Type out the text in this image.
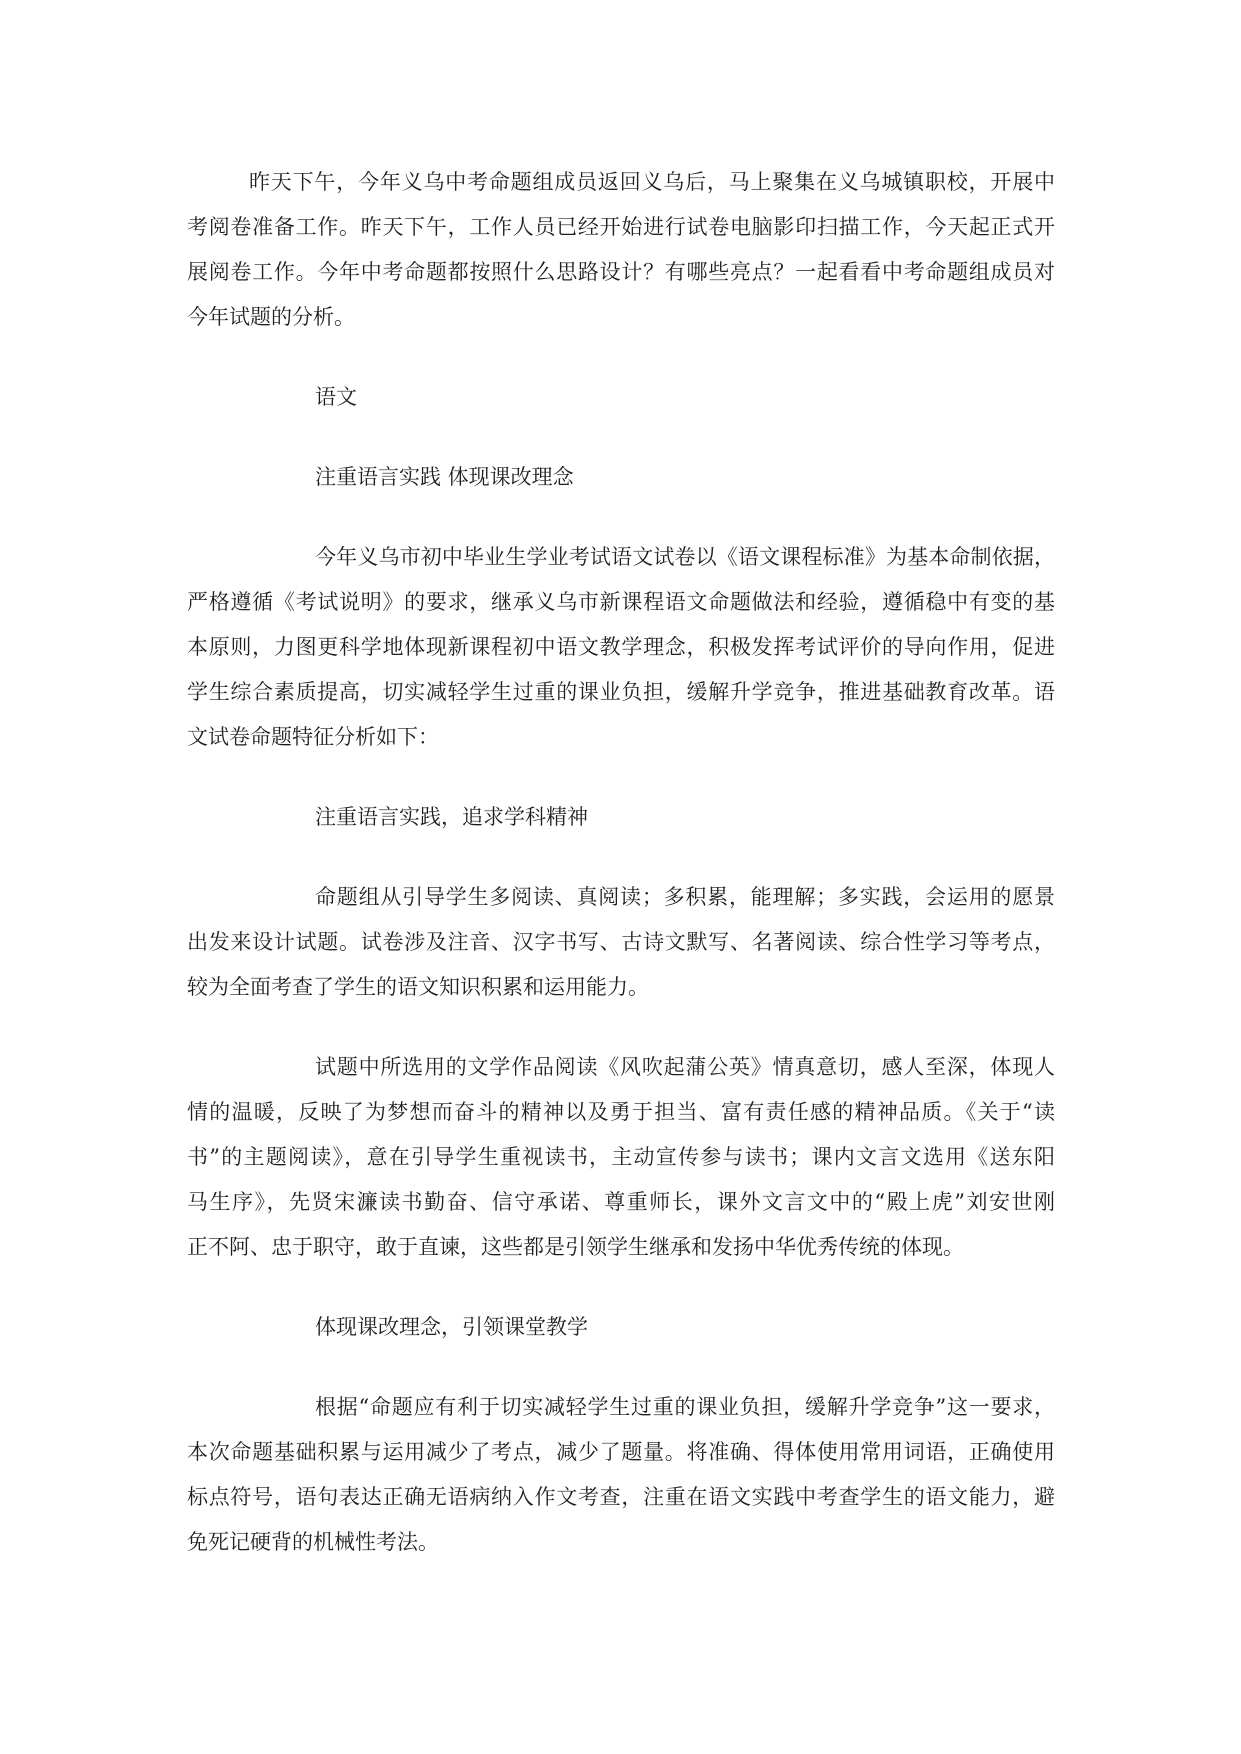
昨天下午，今年义乌中考命题组成员返回义乌后，马上聚集在义乌城镇职校，开展中
考阅卷准备工作。昨天下午，工作人员已经开始进行试卷电脑影印扫描工作，今天起正式开
展阅卷工作。今年中考命题都按照什么思路设计？有哪些亮点？一起看看中考命题组成员对
今年试题的分析。
语文
注重语言实践 体现课改理念
今年义乌市初中毕业生学业考试语文试卷以《语文课程标准》为基本命制依据，
严格遵循《考试说明》的要求，继承义乌市新课程语文命题做法和经验，遵循稳中有变的基
本原则，力图更科学地体现新课程初中语文教学理念，积极发挥考试评价的导向作用，促进
学生综合素质提高，切实减轻学生过重的课业负担，缓解升学竞争，推进基础教育改革。语
文试卷命题特征分析如下：
注重语言实践，追求学科精神
命题组从引导学生多阅读、真阅读；多积累，能理解；多实践，会运用的愿景
出发来设计试题。试卷涉及注音、汉字书写、古诗文默写、名著阅读、综合性学习等考点，
较为全面考查了学生的语文知识积累和运用能力。
试题中所选用的文学作品阅读《风吹起蒲公英》情真意切，感人至深，体现人
情的温暖，反映了为梦想而奋斗的精神以及勇于担当、富有责任感的精神品质。《关于“读
书”的主题阅读》，意在引导学生重视读书，主动宣传参与读书；课内文言文选用《送东阳
马生序》，先贤宋濂读书勤奋、信守承诺、尊重师长，课外文言文中的“殿上虎”刘安世刚
正不阿、忠于职守，敢于直谏，这些都是引领学生继承和发扬中华优秀传统的体现。
体现课改理念，引领课堂教学
根据“命题应有利于切实减轻学生过重的课业负担，缓解升学竞争”这一要求，
本次命题基础积累与运用减少了考点，减少了题量。将准确、得体使用常用词语，正确使用
标点符号，语句表达正确无语病纳入作文考查，注重在语文实践中考查学生的语文能力，避
免死记硬背的机械性考法。
